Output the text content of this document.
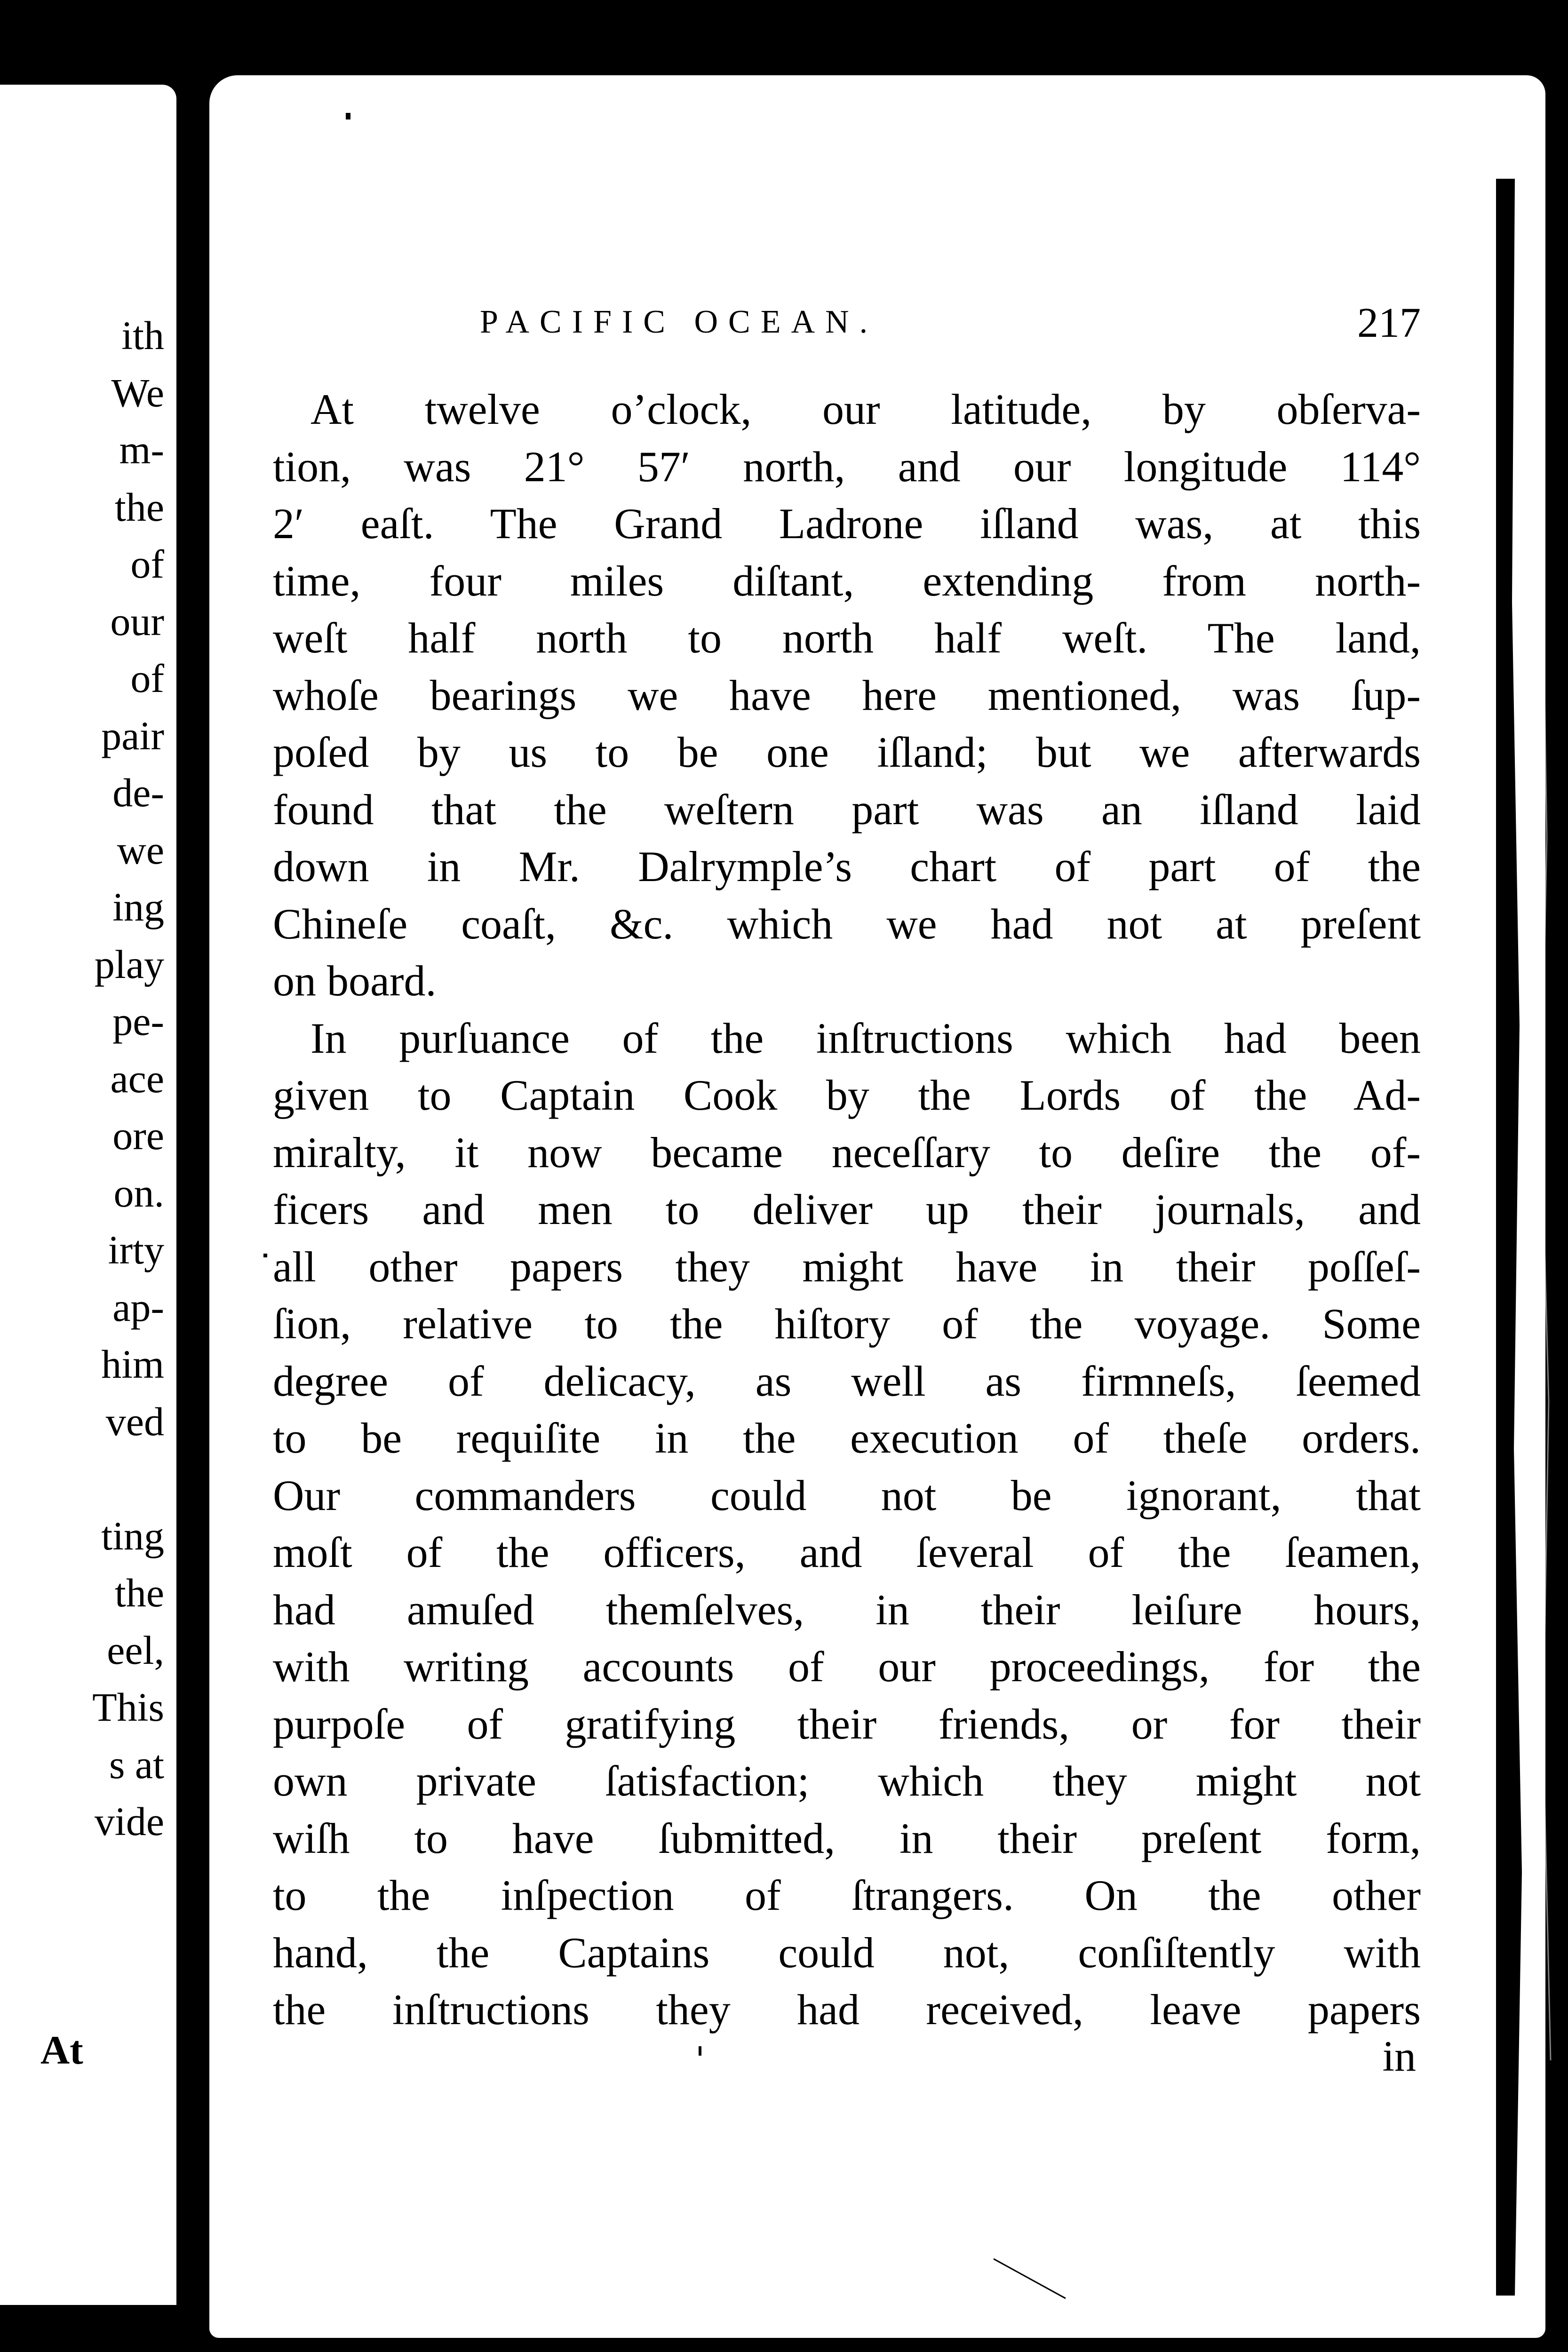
ith
We
m-
the
of
our
of
pair
de-
we
ing
play
pe-
ace
ore
on.
irty
ap-
him
ved
ting
the
eel,
This
s at
vide
At
PACIFIC OCEAN.	217
At twelve o’clock, our latitude, by obſerva-
tion, was 21° 57′ north, and our longitude 114°
2′ eaſt. The Grand Ladrone iſland was, at this
time, four miles diſtant, extending from north-
weſt half north to north half weſt. The land,
whoſe bearings we have here mentioned, was ſup-
poſed by us to be one iſland; but we afterwards
found that the weſtern part was an iſland laid
down in Mr. Dalrymple’s chart of part of the
Chineſe coaſt, &c. which we had not at preſent
on board.
In purſuance of the inſtructions which had been
given to Captain Cook by the Lords of the Ad-
miralty, it now became neceſſary to deſire the of-
ficers and men to deliver up their journals, and
all other papers they might have in their poſſeſ-
ſion, relative to the hiſtory of the voyage. Some
degree of delicacy, as well as firmneſs, ſeemed
to be requiſite in the execution of theſe orders.
Our commanders could not be ignorant, that
moſt of the officers, and ſeveral of the ſeamen,
had amuſed themſelves, in their leiſure hours,
with writing accounts of our proceedings, for the
purpoſe of gratifying their friends, or for their
own private ſatisfaction; which they might not
wiſh to have ſubmitted, in their preſent form,
to the inſpection of ſtrangers. On the other
hand, the Captains could not, conſiſtently with
the inſtructions they had received, leave papers
in
